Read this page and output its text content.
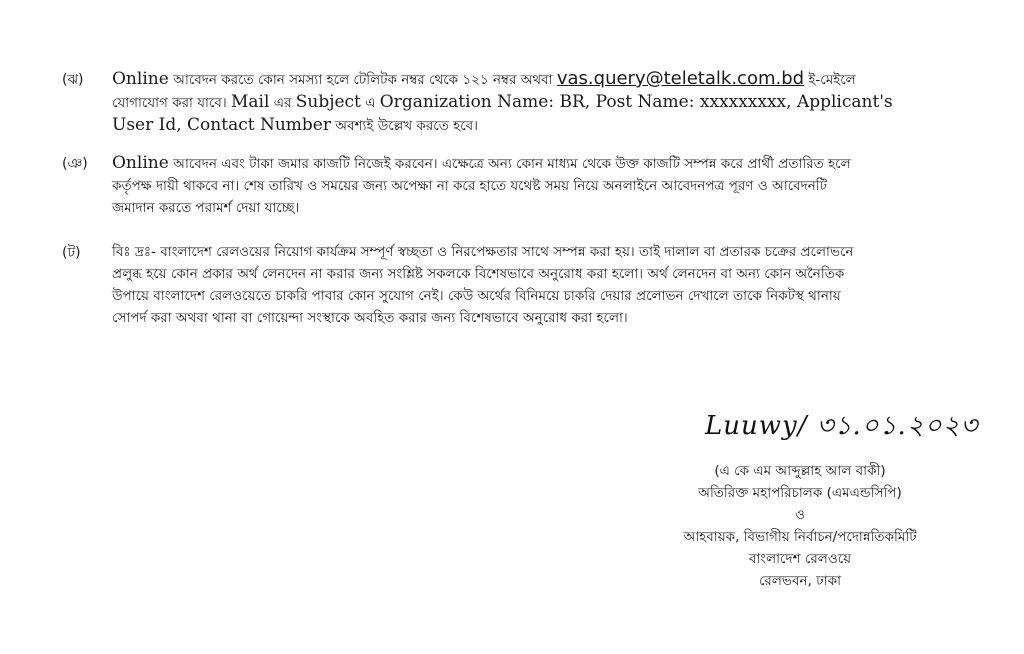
(ঝ) Online আবেদন করতে কোন সমস্যা হলে টেলিটক নম্বর থেকে ১২১ নম্বর অথবা vas.query@teletalk.com.bd ই-মেইলে
যোগাযোগ করা যাবে। Mail এর Subject এ Organization Name: BR, Post Name: xxxxxxxxx, Applicant's
User Id, Contact Number অবশ্যই উল্লেখ করতে হবে।
(ঞ) Online আবেদন এবং টাকা জমার কাজটি নিজেই করবেন। এক্ষেত্রে অন্য কোন মাধ্যম থেকে উক্ত কাজটি সম্পন্ন করে প্রার্থী প্রতারিত হলে
কর্তৃপক্ষ দায়ী থাকবে না। শেষ তারিখ ও সময়ের জন্য অপেক্ষা না করে হাতে যথেষ্ট সময় নিয়ে অনলাইনে আবেদনপত্র পূরণ ও আবেদনটি
জমাদান করতে পরামর্শ দেয়া যাচ্ছে।
(ট) বিঃ দ্রঃ- বাংলাদেশ রেলওয়ের নিয়োগ কার্যক্রম সম্পূর্ণ স্বচ্ছতা ও নিরপেক্ষতার সাথে সম্পন্ন করা হয়। তাই দালাল বা প্রতারক চক্রের প্রলোভনে
প্রলুব্ধ হয়ে কোন প্রকার অর্থ লেনদেন না করার জন্য সংশ্লিষ্ট সকলকে বিশেষভাবে অনুরোধ করা হলো। অর্থ লেনদেন বা অন্য কোন অনৈতিক
উপায়ে বাংলাদেশ রেলওয়েতে চাকরি পাবার কোন সুযোগ নেই। কেউ অর্থের বিনিময়ে চাকরি দেয়ার প্রলোভন দেখালে তাকে নিকটস্থ থানায়
সোপর্দ করা অথবা থানা বা গোয়েন্দা সংস্থাকে অবহিত করার জন্য বিশেষভাবে অনুরোধ করা হলো।
Luuwy/ ৩১.০১.২০২৩
(এ কে এম আব্দুল্লাহ আল বাকী)
অতিরিক্ত মহাপরিচালক (এমএন্ডসিপি)
ও
আহবায়ক, বিভাগীয় নির্বাচন/পদোন্নতিকমিটি
বাংলাদেশ রেলওয়ে
রেলভবন, ঢাকা
